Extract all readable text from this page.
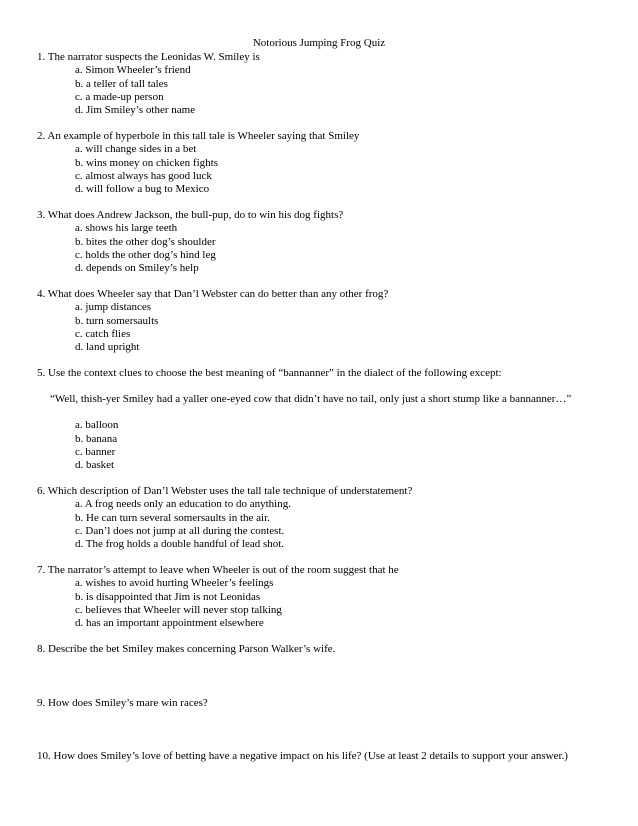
Notorious Jumping Frog Quiz
1. The narrator suspects the Leonidas W. Smiley is
a. Simon Wheeler’s friend
b. a teller of tall tales
c. a made-up person
d. Jim Smiley’s other name
2. An example of hyperbole in this tall tale is Wheeler saying that Smiley
a. will change sides in a bet
b. wins money on chicken fights
c. almost always has good luck
d. will follow a bug to Mexico
3. What does Andrew Jackson, the bull-pup, do to win his dog fights?
a. shows his large teeth
b. bites the other dog’s shoulder
c. holds the other dog’s hind leg
d. depends on Smiley’s help
4. What does Wheeler say that Dan’l Webster can do better than any other frog?
a. jump distances
b. turn somersaults
c. catch flies
d. land upright
5. Use the context clues to choose the best meaning of “bannanner” in the dialect of the following except:
“Well, thish-yer Smiley had a yaller one-eyed cow that didn’t have no tail, only just a short stump like a bannanner…”
a. balloon
b. banana
c. banner
d. basket
6. Which description of Dan’l Webster uses the tall tale technique of understatement?
a. A frog needs only an education to do anything.
b. He can turn several somersaults in the air.
c. Dan’l does not jump at all during the contest.
d. The frog holds a double handful of lead shot.
7. The narrator’s attempt to leave when Wheeler is out of the room suggest that he
a. wishes to avoid hurting Wheeler’s feelings
b. is disappointed that Jim is not Leonidas
c. believes that Wheeler will never stop talking
d. has an important appointment elsewhere
8. Describe the bet Smiley makes concerning Parson Walker’s wife.
9. How does Smiley’s mare win races?
10. How does Smiley’s love of betting have a negative impact on his life? (Use at least 2 details to support your answer.)
